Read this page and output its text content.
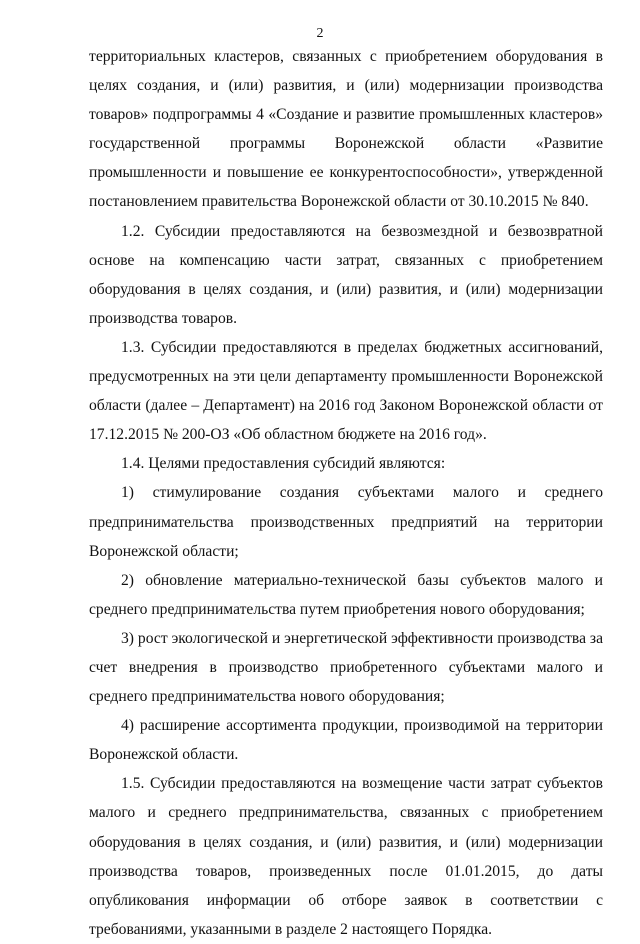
2

территориальных кластеров, связанных с приобретением оборудования в целях создания, и (или) развития, и (или) модернизации производства товаров» подпрограммы 4 «Создание и развитие промышленных кластеров» государственной программы Воронежской области «Развитие промышленности и повышение ее конкурентоспособности», утвержденной постановлением правительства Воронежской области от 30.10.2015 № 840.

1.2. Субсидии предоставляются на безвозмездной и безвозвратной основе на компенсацию части затрат, связанных с приобретением оборудования в целях создания, и (или) развития, и (или) модернизации производства товаров.

1.3. Субсидии предоставляются в пределах бюджетных ассигнований, предусмотренных на эти цели департаменту промышленности Воронежской области (далее – Департамент) на 2016 год Законом Воронежской области от 17.12.2015 № 200-ОЗ «Об областном бюджете на 2016 год».

1.4. Целями предоставления субсидий являются:

1) стимулирование создания субъектами малого и среднего предпринимательства производственных предприятий на территории Воронежской области;

2) обновление материально-технической базы субъектов малого и среднего предпринимательства путем приобретения нового оборудования;

3) рост экологической и энергетической эффективности производства за счет внедрения в производство приобретенного субъектами малого и среднего предпринимательства нового оборудования;

4) расширение ассортимента продукции, производимой на территории Воронежской области.

1.5. Субсидии предоставляются на возмещение части затрат субъектов малого и среднего предпринимательства, связанных с приобретением оборудования в целях создания, и (или) развития, и (или) модернизации производства товаров, произведенных после 01.01.2015, до даты опубликования информации об отборе заявок в соответствии с требованиями, указанными в разделе 2 настоящего Порядка.
